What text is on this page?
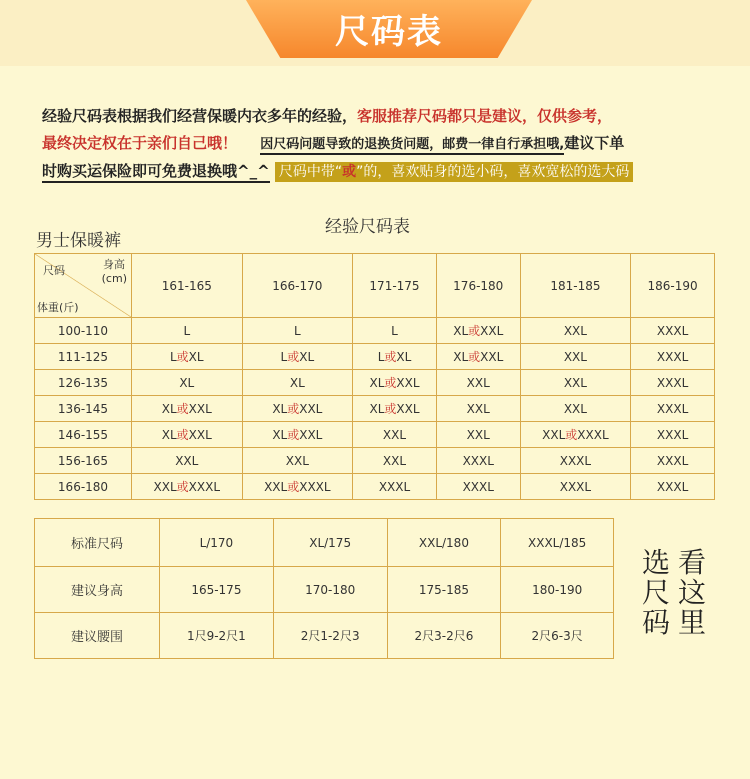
尺码表
经验尺码表根据我们经营保暖内衣多年的经验，客服推荐尺码都只是建议，仅供参考，
最终决定权在于亲们自己哦！ 因尺码问题导致的退换货问题，邮费一律自行承担哦,建议下单
时购买运保险即可免费退换哦^_^ 尺码中带“或”的，喜欢贴身的选小码，喜欢宽松的选大码
经验尺码表
男士保暖裤
尺码 身高
(cm)
体重(斤)	161-165	166-170	171-175	176-180	181-185	186-190
100-110	L	L	L	XL或XXL	XXL	XXXL
111-125	L或XL	L或XL	L或XL	XL或XXL	XXL	XXXL
126-135	XL	XL	XL或XXL	XXL	XXL	XXXL
136-145	XL或XXL	XL或XXL	XL或XXL	XXL	XXL	XXXL
146-155	XL或XXL	XL或XXL	XXL	XXL	XXL或XXXL	XXXL
156-165	XXL	XXL	XXL	XXXL	XXXL	XXXL
166-180	XXL或XXXL	XXL或XXXL	XXXL	XXXL	XXXL	XXXL
标准尺码	L/170	XL/175	XXL/180	XXXL/185
建议身高	165-175	170-180	175-185	180-190
建议腰围	1尺9-2尺1	2尺1-2尺3	2尺3-2尺6	2尺6-3尺
选
尺
码
看
这
里
